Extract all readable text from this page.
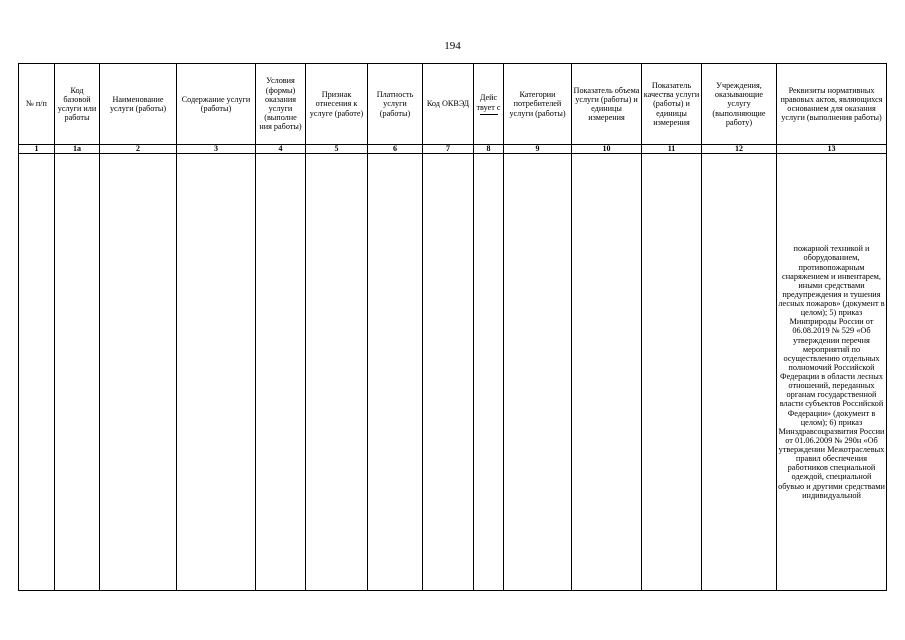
194
№ п/п	Код базовой услуги или работы	Наименование услуги (работы)	Содержание услуги (работы)	Условия (формы) оказания услуги (выполне ния работы)	Признак отнесения к услуге (работе)	Платность услуги (работы)	Код ОКВЭД	Дейс твует с	Категории потребителей услуги (работы)	Показатель объема услуги (работы) и единицы измерения	Показатель качества услуги (работы) и единицы измерения	Учреждения, оказывающие услугу (выполняющие работу)	Реквизиты нормативных правовых актов, являющихся основанием для оказания услуги (выполнения работы)
1	1а	2	3	4	5	6	7	8	9	10	11	12	13
													пожарной техникой и оборудованием, противопожарным снаряжением и инвентарем, иными средствами предупреждения и тушения лесных пожаров» (документ в целом); 5) приказ Минприроды России от 06.08.2019 № 529 «Об утверждении перечня мероприятий по осуществлению отдельных полномочий Российской Федерации в области лесных отношений, переданных органам государственной власти субъектов Российской Федерации» (документ в целом); 6) приказ Минздравсоцразвития России от 01.06.2009 № 290н «Об утверждении Межотраслевых правил обеспечения работников специальной одеждой, специальной обувью и другими средствами индивидуальной
